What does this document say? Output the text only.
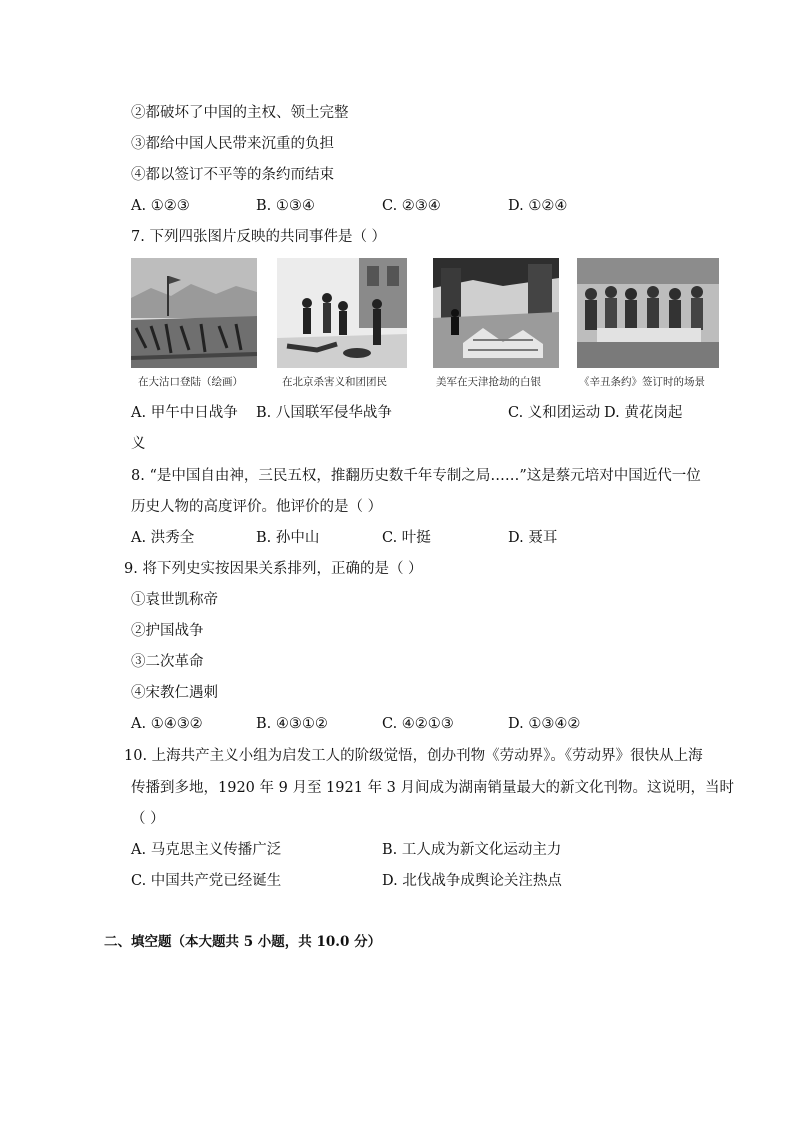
②都破坏了中国的主权、领土完整
③都给中国人民带来沉重的负担
④都以签订不平等的条约而结束
A. ①②③	B. ①③④	C. ②③④	D. ①②④
7. 下列四张图片反映的共同事件是（ ）
在大沽口登陆（绘画）	在北京杀害义和团团民	美军在天津抢劫的白银	《辛丑条约》签订时的场景
A. 甲午中日战争 B. 八国联军侵华战争	C. 义和团运动 D. 黄花岗起
义
8. “是中国自由神，三民五权，推翻历史数千年专制之局……”这是蔡元培对中国近代一位
历史人物的高度评价。他评价的是（ ）
A. 洪秀全	B. 孙中山	C. 叶挺	D. 聂耳
9. 将下列史实按因果关系排列，正确的是（ ）
①袁世凯称帝
②护国战争
③二次革命
④宋教仁遇刺
A. ①④③②	B. ④③①②	C. ④②①③	D. ①③④②
10. 上海共产主义小组为启发工人的阶级觉悟，创办刊物《劳动界》。《劳动界》很快从上海
传播到多地，1920 年 9 月至 1921 年 3 月间成为湖南销量最大的新文化刊物。这说明，当时
（ ）
A. 马克思主义传播广泛	B. 工人成为新文化运动主力
C. 中国共产党已经诞生	D. 北伐战争成舆论关注热点
二、填空题（本大题共 5 小题，共 10.0 分）
